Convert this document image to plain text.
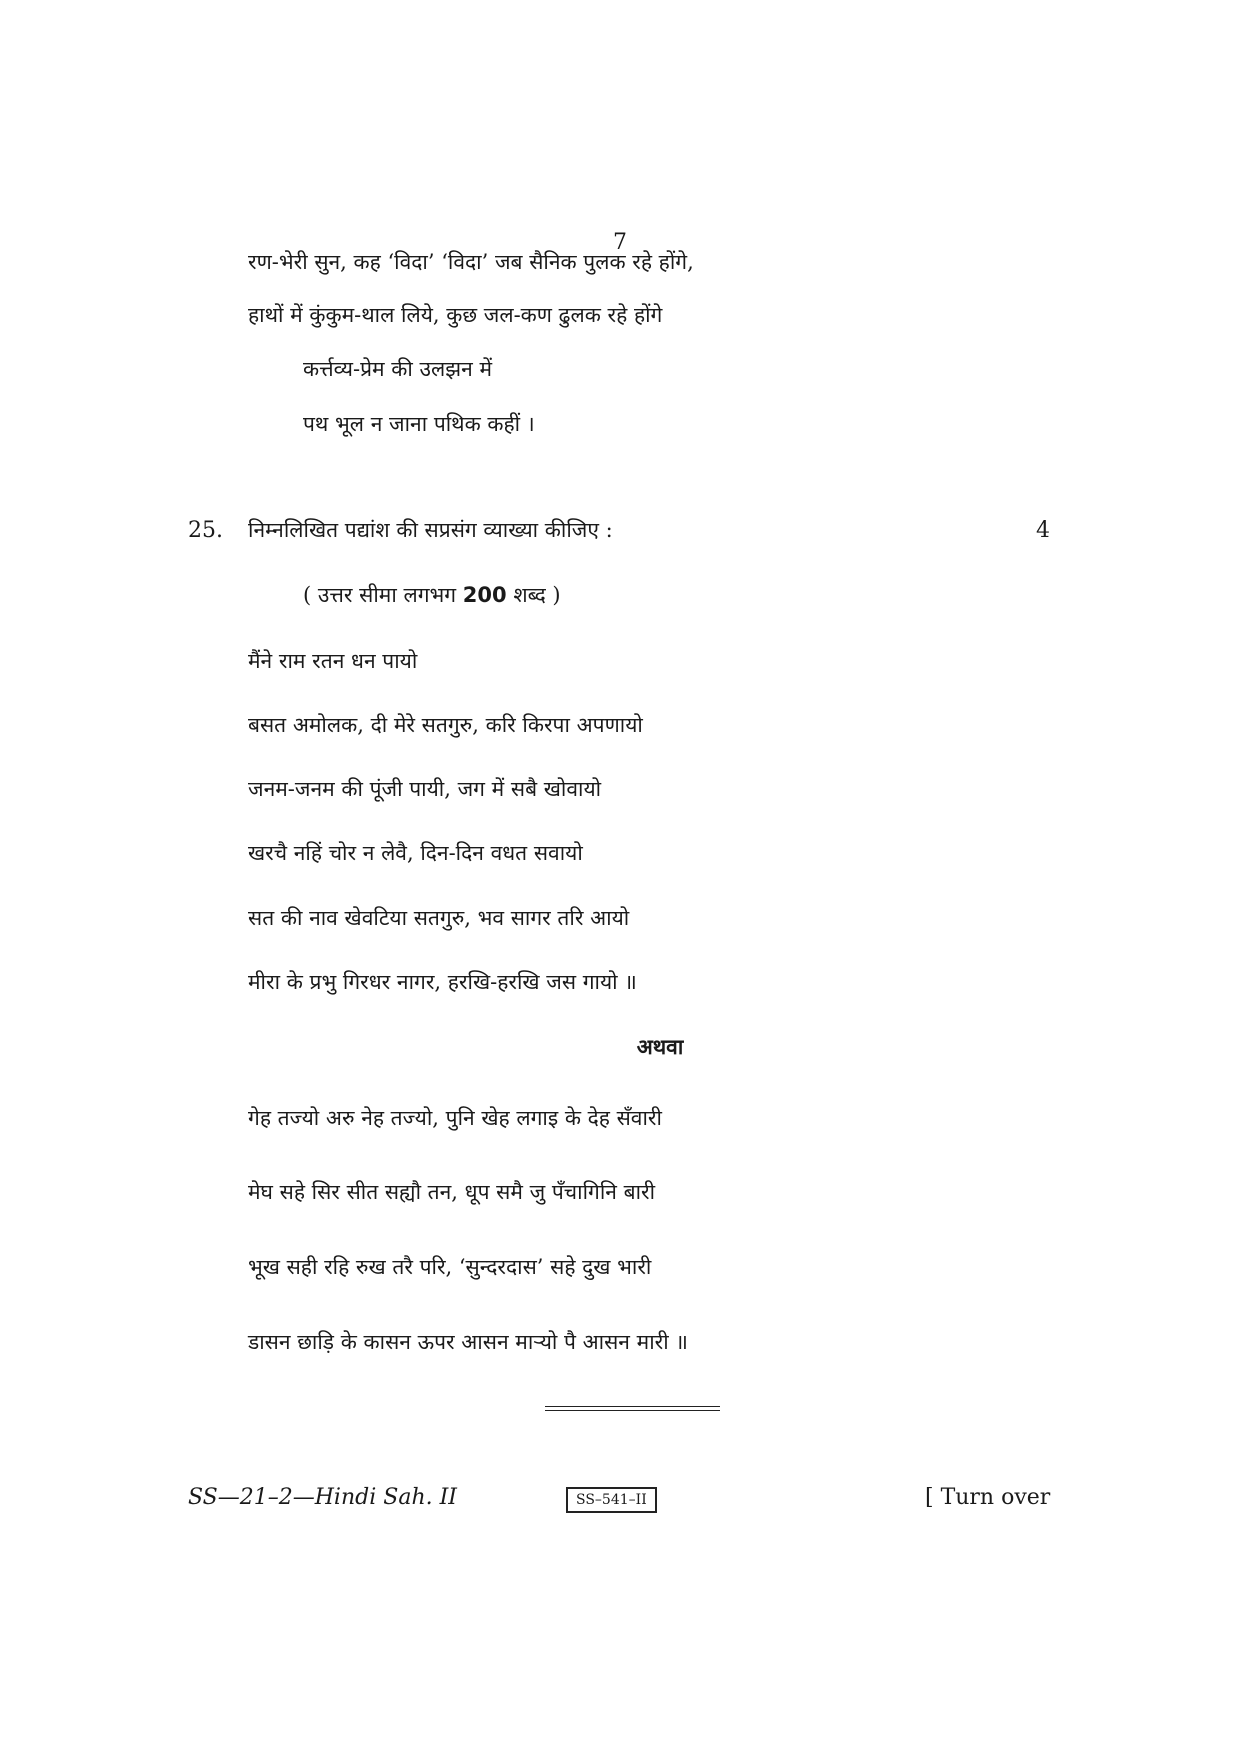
7
रण-भेरी सुन, कह ‘विदा’ ‘विदा’ जब सैनिक पुलक रहे होंगे,
हाथों में कुंकुम-थाल लिये, कुछ जल-कण ढुलक रहे होंगे
कर्त्तव्य-प्रेम की उलझन में
पथ भूल न जाना पथिक कहीं ।
25. निम्नलिखित पद्यांश की सप्रसंग व्याख्या कीजिए :	4
( उत्तर सीमा लगभग 200 शब्द )
मैंने राम रतन धन पायो
बसत अमोलक, दी मेरे सतगुरु, करि किरपा अपणायो
जनम-जनम की पूंजी पायी, जग में सबै खोवायो
खरचै नहिं चोर न लेवै, दिन-दिन वधत सवायो
सत की नाव खेवटिया सतगुरु, भव सागर तरि आयो
मीरा के प्रभु गिरधर नागर, हरखि-हरखि जस गायो ॥
अथवा
गेह तज्यो अरु नेह तज्यो, पुनि खेह लगाइ के देह सँवारी
मेघ सहे सिर सीत सह्यौ तन, धूप समै जु पँचागिनि बारी
भूख सही रहि रुख तरै परि, ‘सुन्दरदास’ सहे दुख भारी
डासन छाड़ि के कासन ऊपर आसन मार्‍यो पै आसन मारी ॥
SS—21–2—Hindi Sah. II	SS–541–II	[ Turn over
